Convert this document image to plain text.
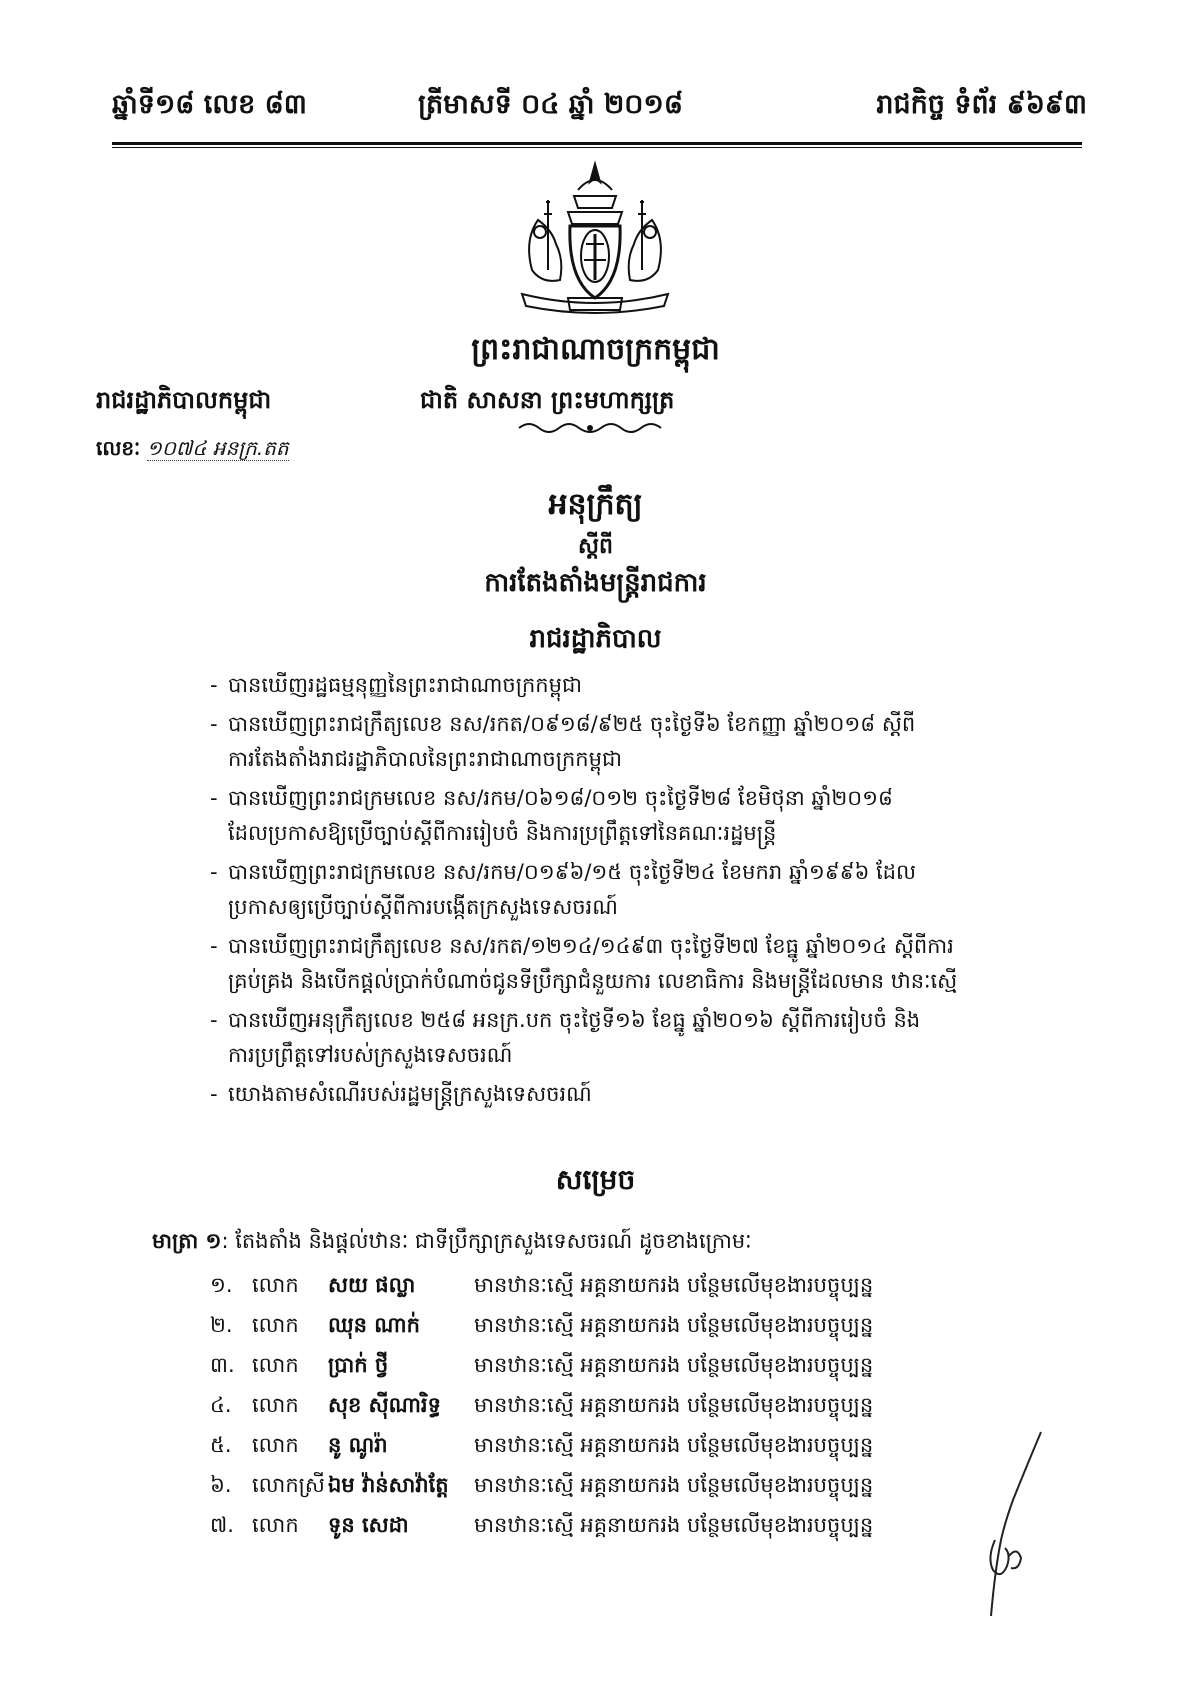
ឆ្នាំទី១៨ លេខ ៨៣	ត្រីមាសទី ០៤ ឆ្នាំ ២០១៨	រាជកិច្ច ទំព័រ ៩៦៩៣
ព្រះរាជាណាចក្រកម្ពុជា
ជាតិ សាសនា ព្រះមហាក្សត្រ
រាជរដ្ឋាភិបាលកម្ពុជា
លេខៈ ១០៧៤ អនក្រ.តត
អនុក្រឹត្យ
ស្តីពី
ការតែងតាំងមន្ត្រីរាជការ
រាជរដ្ឋាភិបាល
- បានឃើញរដ្ឋធម្មនុញ្ញនៃព្រះរាជាណាចក្រកម្ពុជា
- បានឃើញព្រះរាជក្រឹត្យលេខ នស/រកត/០៩១៨/៩២៥ ចុះថ្ងៃទី៦ ខែកញ្ញា ឆ្នាំ២០១៨ ស្តីពី
ការតែងតាំងរាជរដ្ឋាភិបាលនៃព្រះរាជាណាចក្រកម្ពុជា
- បានឃើញព្រះរាជក្រមលេខ នស/រកម/០៦១៨/០១២ ចុះថ្ងៃទី២៨ ខែមិថុនា ឆ្នាំ២០១៨
ដែលប្រកាសឱ្យប្រើច្បាប់ស្តីពីការរៀបចំ និងការប្រព្រឹត្តទៅនៃគណៈរដ្ឋមន្ត្រី
- បានឃើញព្រះរាជក្រមលេខ នស/រកម/០១៩៦/១៥ ចុះថ្ងៃទី២៤ ខែមករា ឆ្នាំ១៩៩៦ ដែល
ប្រកាសឲ្យប្រើច្បាប់ស្តីពីការបង្កើតក្រសួងទេសចរណ៍
- បានឃើញព្រះរាជក្រឹត្យលេខ នស/រកត/១២១៤/១៤៩៣ ចុះថ្ងៃទី២៧ ខែធ្នូ ឆ្នាំ២០១៤ ស្តីពីការ
គ្រប់គ្រង និងបើកផ្តល់ប្រាក់បំណាច់ជូនទីប្រឹក្សាជំនួយការ លេខាធិការ និងមន្ត្រីដែលមាន ឋានៈស្មើ
- បានឃើញអនុក្រឹត្យលេខ ២៥៨ អនក្រ.បក ចុះថ្ងៃទី១៦ ខែធ្នូ ឆ្នាំ២០១៦ ស្តីពីការរៀបចំ និង
ការប្រព្រឹត្តទៅរបស់ក្រសួងទេសចរណ៍
- យោងតាមសំណើរបស់រដ្ឋមន្ត្រីក្រសួងទេសចរណ៍
សម្រេច
មាត្រា ១: តែងតាំង និងផ្តល់ឋានៈ ជាទីប្រឹក្សាក្រសួងទេសចរណ៍ ដូចខាងក្រោមៈ
១. លោក សយ ផល្លា	មានឋានៈស្មើ អគ្គនាយករង បន្ថែមលើមុខងារបច្ចុប្បន្ន
២. លោក ឈុន ណាក់	មានឋានៈស្មើ អគ្គនាយករង បន្ថែមលើមុខងារបច្ចុប្បន្ន
៣. លោក ប្រាក់ ថ្វី	មានឋានៈស្មើ អគ្គនាយករង បន្ថែមលើមុខងារបច្ចុប្បន្ន
៤. លោក សុខ ស៊ីណារិទ្ធ មានឋានៈស្មើ អគ្គនាយករង បន្ថែមលើមុខងារបច្ចុប្បន្ន
៥. លោក នូ ណូរ៉ា	មានឋានៈស្មើ អគ្គនាយករង បន្ថែមលើមុខងារបច្ចុប្បន្ន
៦. លោកស្រី ឯម វ៉ាន់សាវ៉ាត្តែ មានឋានៈស្មើ អគ្គនាយករង បន្ថែមលើមុខងារបច្ចុប្បន្ន
៧. លោក ទូន សេដា	មានឋានៈស្មើ អគ្គនាយករង បន្ថែមលើមុខងារបច្ចុប្បន្ន
